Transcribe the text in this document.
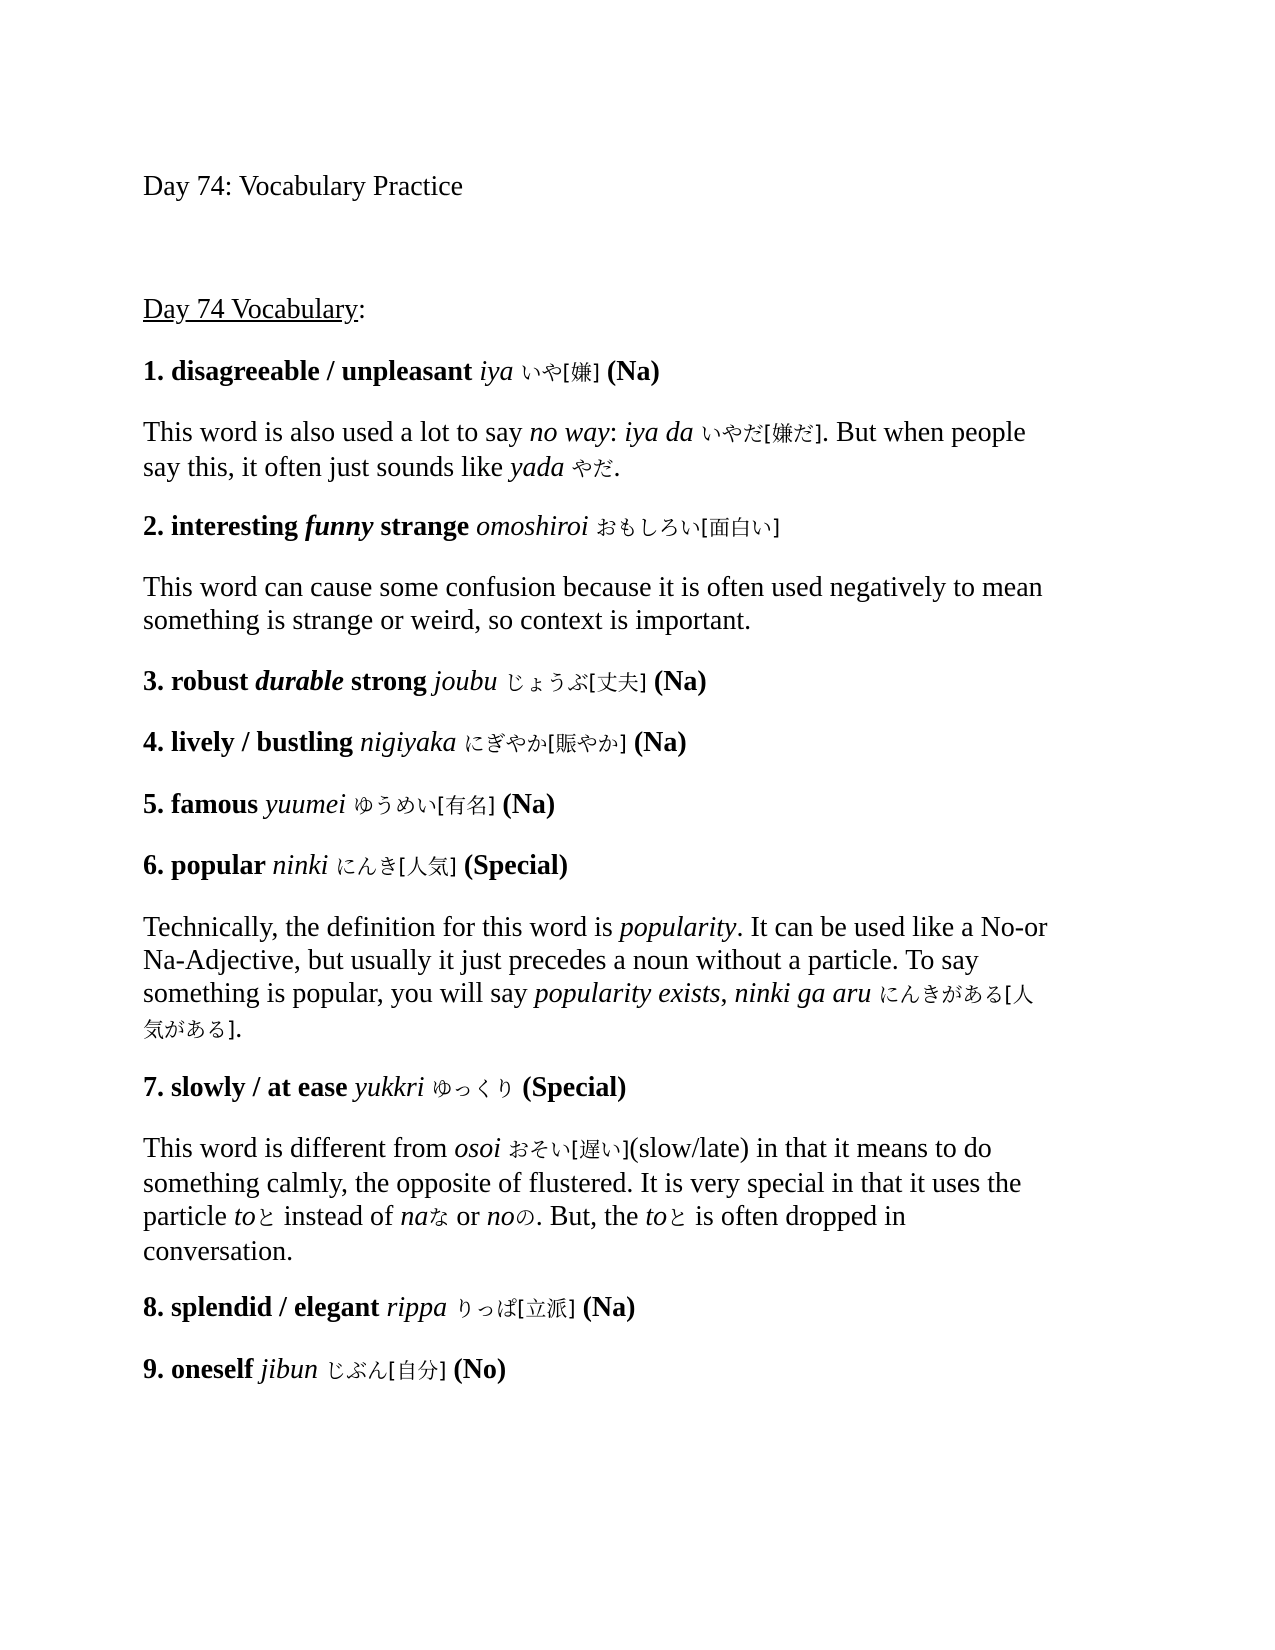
Day 74: Vocabulary Practice
Day 74 Vocabulary:
1. disagreeable / unpleasant iya いや[嫌] (Na)
This word is also used a lot to say no way: iya da いやだ[嫌だ]. But when people
say this, it often just sounds like yada やだ.
2. interesting funny strange omoshiroi おもしろい[面白い]
This word can cause some confusion because it is often used negatively to mean
something is strange or weird, so context is important.
3. robust durable strong joubu じょうぶ[丈夫] (Na)
4. lively / bustling nigiyaka にぎやか[賑やか] (Na)
5. famous yuumei ゆうめい[有名] (Na)
6. popular ninki にんき[人気] (Special)
Technically, the definition for this word is popularity. It can be used like a No-or
Na-Adjective, but usually it just precedes a noun without a particle. To say
something is popular, you will say popularity exists, ninki ga aru にんきがある[人
気がある].
7. slowly / at ease yukkri ゆっくり (Special)
This word is different from osoi おそい[遅い](slow/late) in that it means to do
something calmly, the opposite of flustered. It is very special in that it uses the
particle toと instead of naな or noの. But, the toと is often dropped in
conversation.
8. splendid / elegant rippa りっぱ[立派] (Na)
9. oneself jibun じぶん[自分] (No)
